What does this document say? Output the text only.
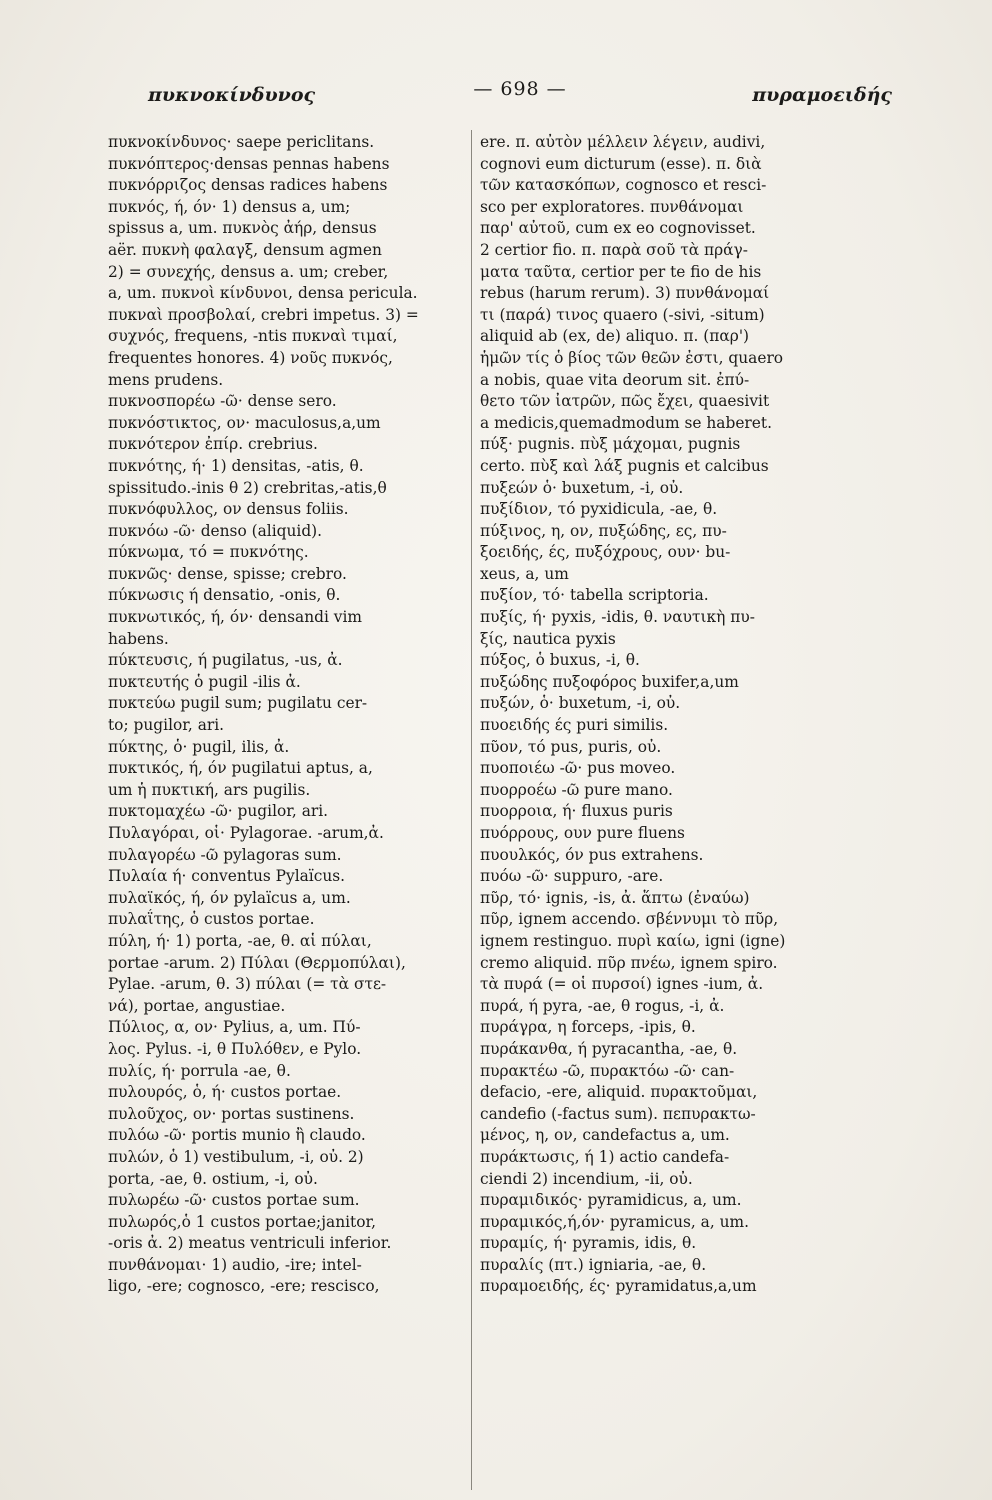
πυκνοκίνδυνος	— 698 —	πυραμοειδής
πυκνοκίνδυνος· saepe periclitans.
πυκνόπτερος·densas pennas habens
πυκνόρριζος densas radices habens
πυκνός, ή, όν· 1) densus a, um;
spissus a, um. πυκνὸς ἀήρ, densus
aër. πυκνὴ φαλαγξ, densum agmen
2) = συνεχής, densus a. um; creber,
a, um. πυκνοὶ κίνδυνοι, densa pericula.
πυκναὶ προσβολαί, crebri impetus. 3) =
συχνός, frequens, -ntis πυκναὶ τιμαί,
frequentes honores. 4) νοῦς πυκνός,
mens prudens.
πυκνοσπορέω -ῶ· dense sero.
πυκνόστικτος, ον· maculosus,a,um
πυκνότερον ἐπίρ. crebrius.
πυκνότης, ή· 1) densitas, -atis, θ.
spissitudo.-inis θ 2) crebritas,-atis,θ
πυκνόφυλλος, ον densus foliis.
πυκνόω -ῶ· denso (aliquid).
πύκνωμα, τό = πυκνότης.
πυκνῶς· dense, spisse; crebro.
πύκνωσις ή densatio, -onis, θ.
πυκνωτικός, ή, όν· densandi vim
habens.
πύκτευσις, ή pugilatus, -us, ἀ.
πυκτευτής ὁ pugil -ilis ἀ.
πυκτεύω pugil sum; pugilatu cer-
to; pugilor, ari.
πύκτης, ὁ· pugil, ilis, ἀ.
πυκτικός, ή, όν pugilatui aptus, a,
um ἡ πυκτική, ars pugilis.
πυκτομαχέω -ῶ· pugilor, ari.
Πυλαγόραι, οἱ· Pylagorae. -arum,ἀ.
πυλαγορέω -ῶ pylagoras sum.
Πυλαία ή· conventus Pylaïcus.
πυλαϊκός, ή, όν pylaïcus a, um.
πυλαΐτης, ὁ custos portae.
πύλη, ή· 1) porta, -ae, θ. αἱ πύλαι,
portae -arum. 2) Πύλαι (Θερμοπύλαι),
Pylae. -arum, θ. 3) πύλαι (= τὰ στε-
νά), portae, angustiae.
Πύλιος, α, ον· Pylius, a, um. Πύ-
λος. Pylus. -i, θ Πυλόθεν, e Pylo.
πυλίς, ή· porrula -ae, θ.
πυλουρός, ὁ, ή· custos portae.
πυλοῦχος, ον· portas sustinens.
πυλόω -ῶ· portis munio ἢ claudo.
πυλών, ὁ 1) vestibulum, -i, οὐ. 2)
porta, -ae, θ. ostium, -i, οὐ.
πυλωρέω -ῶ· custos portae sum.
πυλωρός,ὁ 1 custos portae;janitor,
-oris ἀ. 2) meatus ventriculi inferior.
πυνθάνομαι· 1) audio, -ire; intel-
ligo, -ere; cognosco, -ere; rescisco,
ere. π. αὐτὸν μέλλειν λέγειν, audivi,
cognovi eum dicturum (esse). π. διὰ
τῶν κατασκόπων, cognosco et resci-
sco per exploratores. πυνθάνομαι
παρ' αὐτοῦ, cum ex eo cognovisset.
2 certior fio. π. παρὰ σοῦ τὰ πράγ-
ματα ταῦτα, certior per te fio de his
rebus (harum rerum). 3) πυνθάνομαί
τι (παρά) τινος quaero (-sivi, -situm)
aliquid ab (ex, de) aliquo. π. (παρ')
ἡμῶν τίς ὁ βίος τῶν θεῶν ἐστι, quaero
a nobis, quae vita deorum sit. ἐπύ-
θετο τῶν ἰατρῶν, πῶς ἔχει, quaesivit
a medicis,quemadmodum se haberet.
πύξ· pugnis. πὺξ μάχομαι, pugnis
certo. πὺξ καὶ λάξ pugnis et calcibus
πυξεών ὁ· buxetum, -i, οὐ.
πυξίδιον, τό pyxidicula, -ae, θ.
πύξινος, η, ον, πυξώδης, ες, πυ-
ξοειδής, ές, πυξόχρους, ουν· bu-
xeus, a, um
πυξίον, τό· tabella scriptoria.
πυξίς, ή· pyxis, -idis, θ. ναυτικὴ πυ-
ξίς, nautica pyxis
πύξος, ὁ buxus, -i, θ.
πυξώδης πυξοφόρος buxifer,a,um
πυξών, ὁ· buxetum, -i, οὐ.
πυοειδής ές puri similis.
πῦον, τό pus, puris, οὐ.
πυοποιέω -ῶ· pus moveo.
πυορροέω -ῶ pure mano.
πυορροια, ή· fluxus puris
πυόρρους, ουν pure fluens
πυουλκός, όν pus extrahens.
πυόω -ῶ· suppuro, -are.
πῦρ, τό· ignis, -is, ἀ. ἅπτω (ἐναύω)
πῦρ, ignem accendo. σβέννυμι τὸ πῦρ,
ignem restinguo. πυρὶ καίω, igni (igne)
cremo aliquid. πῦρ πνέω, ignem spiro.
τὰ πυρά (= οἱ πυρσοί) ignes -ium, ἀ.
πυρά, ή pyra, -ae, θ rogus, -i, ἀ.
πυράγρα, η forceps, -ipis, θ.
πυράκανθα, ή pyracantha, -ae, θ.
πυρακτέω -ῶ, πυρακτόω -ῶ· can-
defacio, -ere, aliquid. πυρακτοῦμαι,
candefio (-factus sum). πεπυρακτω-
μένος, η, ον, candefactus a, um.
πυράκτωσις, ή 1) actio candefa-
ciendi 2) incendium, -ii, οὐ.
πυραμιδικός· pyramidicus, a, um.
πυραμικός,ή,όν· pyramicus, a, um.
πυραμίς, ή· pyramis, idis, θ.
πυραλίς (πτ.) igniaria, -ae, θ.
πυραμοειδής, ές· pyramidatus,a,um
